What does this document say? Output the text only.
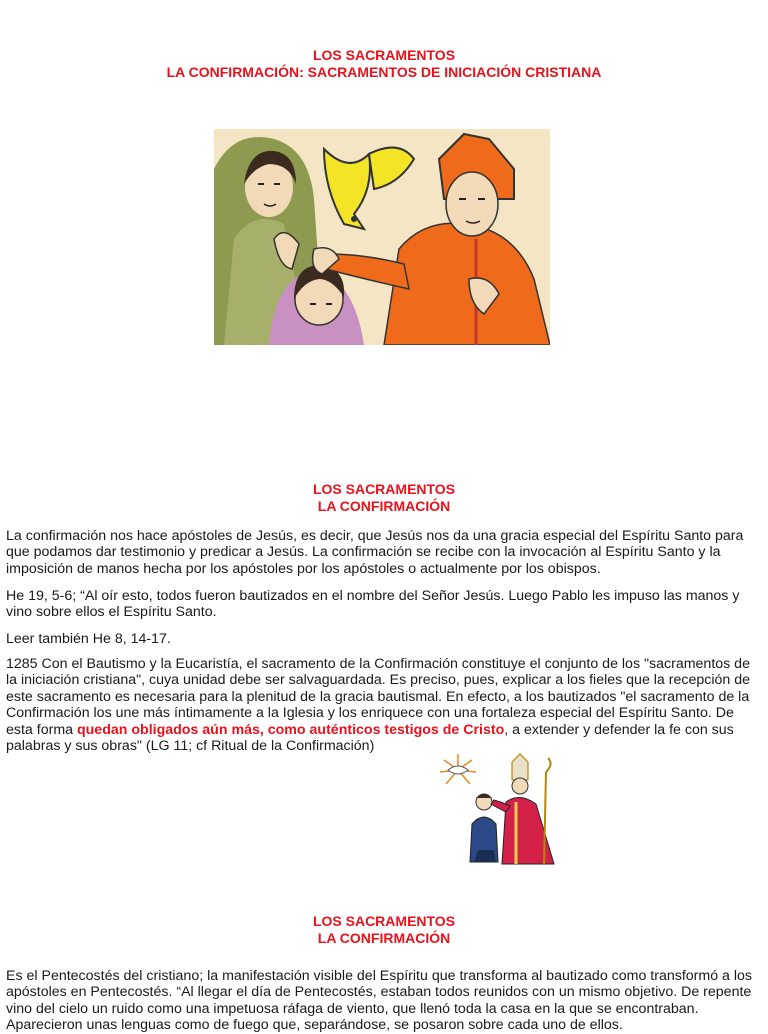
LOS SACRAMENTOS
LA CONFIRMACIÓN: SACRAMENTOS DE INICIACIÓN CRISTIANA
LOS SACRAMENTOS
LA CONFIRMACIÓN
La confirmación nos hace apóstoles de Jesús, es decir, que Jesús nos da una gracia especial del Espíritu Santo para que podamos dar testimonio y predicar a Jesús. La confirmación se recibe con la invocación al Espíritu Santo y la imposición de manos hecha por los apóstoles por los apóstoles o actualmente por los obispos.
He 19, 5-6; “Al oír esto, todos fueron bautizados en el nombre del Señor Jesús. Luego Pablo les impuso las manos y vino sobre ellos el Espíritu Santo.
Leer también He 8, 14-17.
1285 Con el Bautismo y la Eucaristía, el sacramento de la Confirmación constituye el conjunto de los "sacramentos de la iniciación cristiana", cuya unidad debe ser salvaguardada. Es preciso, pues, explicar a los fieles que la recepción de este sacramento es necesaria para la plenitud de la gracia bautismal. En efecto, a los bautizados "el sacramento de la Confirmación los une más íntimamente a la Iglesia y los enriquece con una fortaleza especial del Espíritu Santo. De esta forma quedan obligados aún más, como auténticos testigos de Cristo, a extender y defender la fe con sus palabras y sus obras" (LG 11; cf Ritual de la Confirmación)
LOS SACRAMENTOS
LA CONFIRMACIÓN
Es el Pentecostés del cristiano; la manifestación visible del Espíritu que transforma al bautizado como transformó a los apóstoles en Pentecostés. “Al llegar el día de Pentecostés, estaban todos reunidos con un mismo objetivo. De repente vino del cielo un ruido como una impetuosa ráfaga de viento, que llenó toda la casa en la que se encontraban. Aparecieron unas lenguas como de fuego que, separándose, se posaron sobre cada uno de ellos.
